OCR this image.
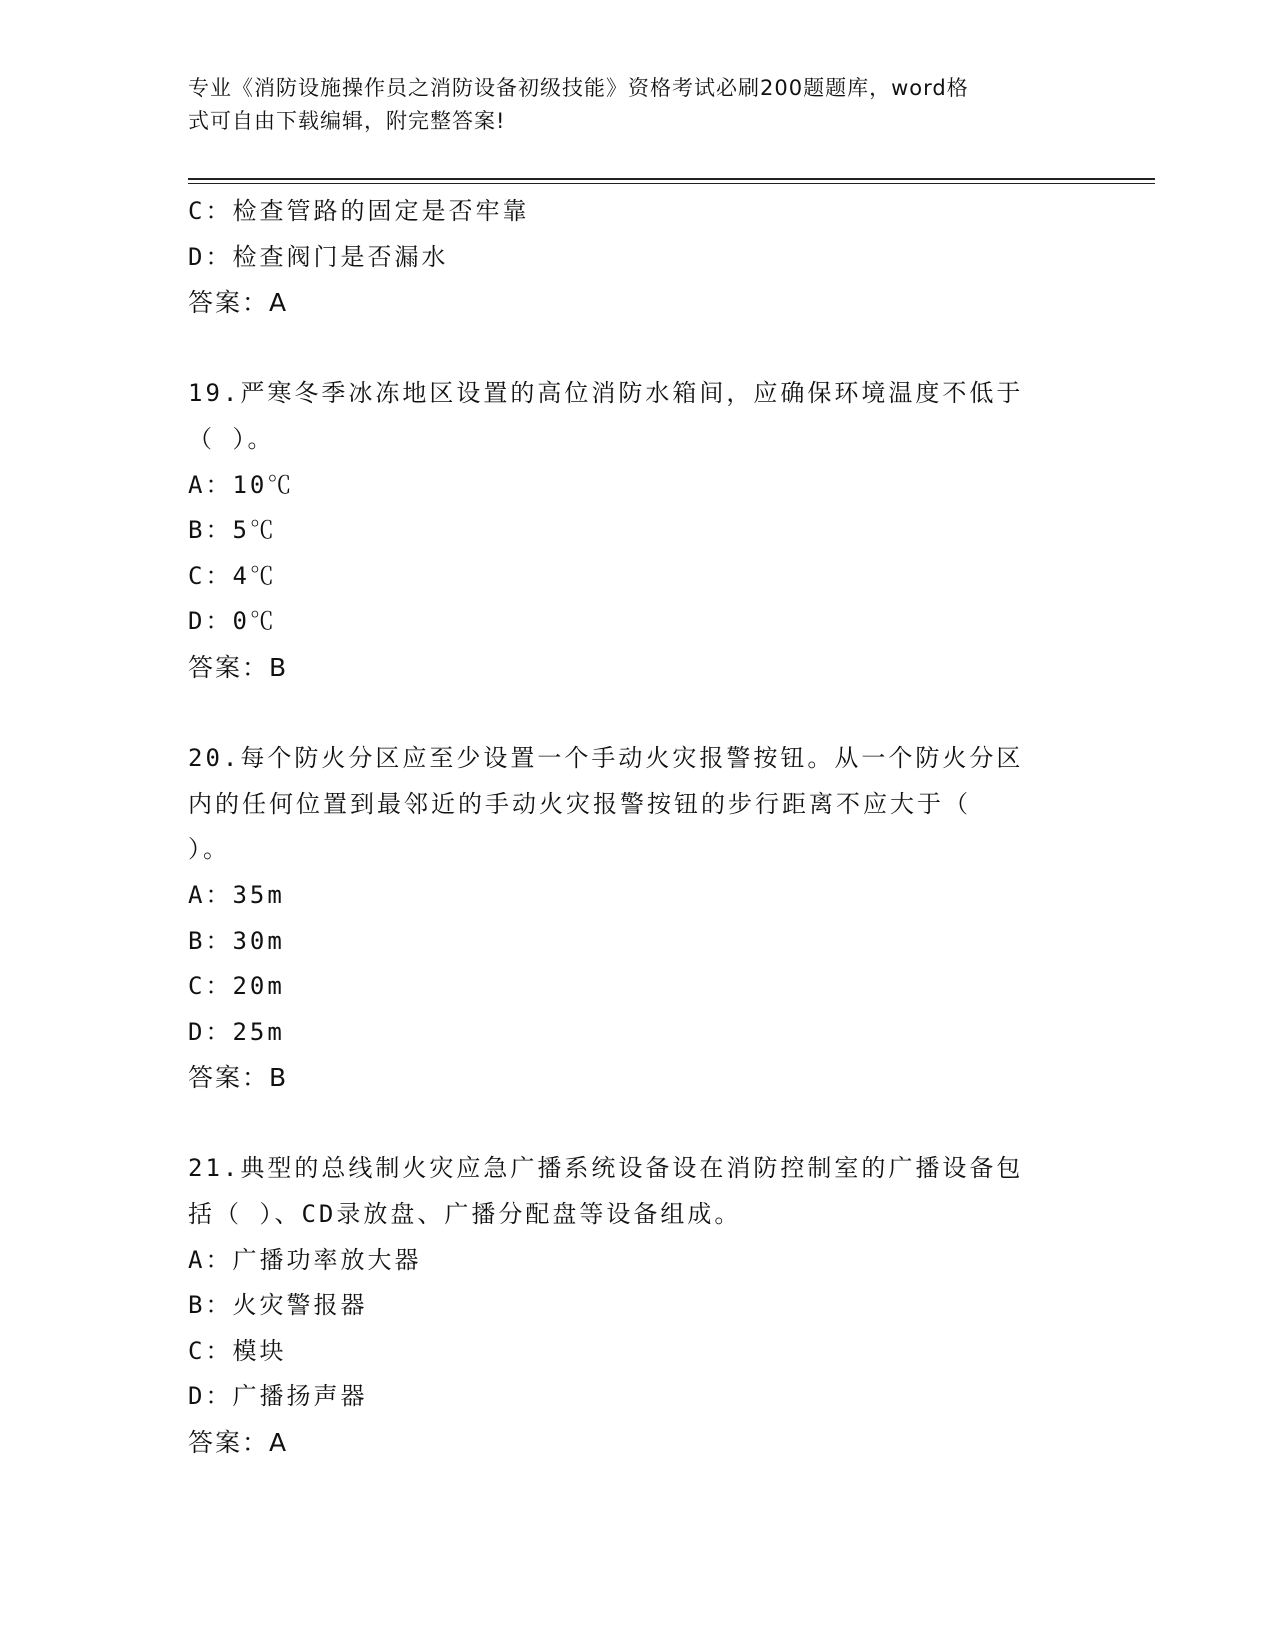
专业《消防设施操作员之消防设备初级技能》资格考试必刷200题题库，word格
式可自由下载编辑，附完整答案!
C：检查管路的固定是否牢靠
D：检查阀门是否漏水
答案：A
19.严寒冬季冰冻地区设置的高位消防水箱间，应确保环境温度不低于
（ ）。
A：10℃
B：5℃
C：4℃
D：0℃
答案：B
20.每个防火分区应至少设置一个手动火灾报警按钮。从一个防火分区
内的任何位置到最邻近的手动火灾报警按钮的步行距离不应大于（
）。
A：35m
B：30m
C：20m
D：25m
答案：B
21.典型的总线制火灾应急广播系统设备设在消防控制室的广播设备包
括（ ）、CD录放盘、广播分配盘等设备组成。
A：广播功率放大器
B：火灾警报器
C：模块
D：广播扬声器
答案：A
